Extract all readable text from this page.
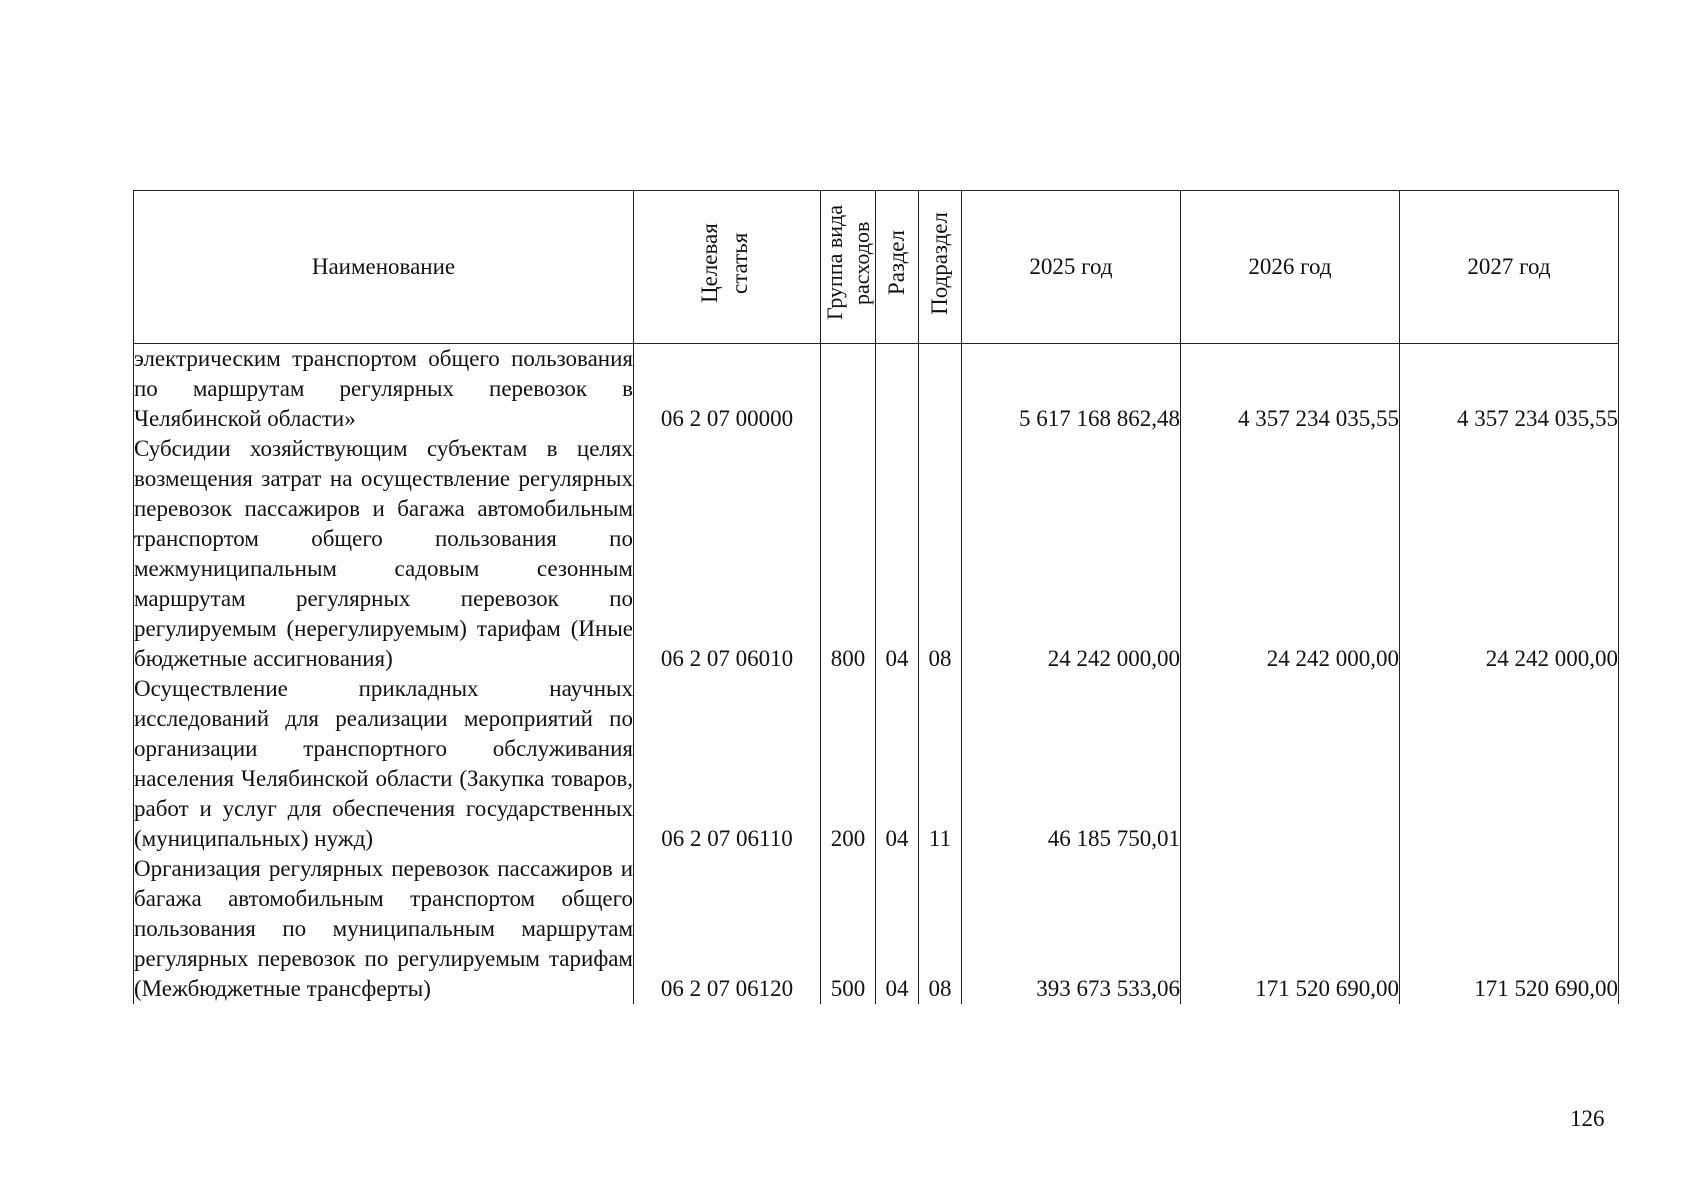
Наименование	Целевая статья	Группа вида расходов	Раздел	Подраздел	2025 год	2026 год	2027 год
электрическим транспортом общего пользования по маршрутам регулярных перевозок в Челябинской области»	06 2 07 00000				5 617 168 862,48	4 357 234 035,55	4 357 234 035,55
Субсидии хозяйствующим субъектам в целях возмещения затрат на осуществление регулярных перевозок пассажиров и багажа автомобильным транспортом общего пользования по межмуниципальным садовым сезонным маршрутам регулярных перевозок по регулируемым (нерегулируемым) тарифам (Иные бюджетные ассигнования)	06 2 07 06010	800	04	08	24 242 000,00	24 242 000,00	24 242 000,00
Осуществление прикладных научных исследований для реализации мероприятий по организации транспортного обслуживания населения Челябинской области (Закупка товаров, работ и услуг для обеспечения государственных (муниципальных) нужд)	06 2 07 06110	200	04	11	46 185 750,01		
Организация регулярных перевозок пассажиров и багажа автомобильным транспортом общего пользования по муниципальным маршрутам регулярных перевозок по регулируемым тарифам (Межбюджетные трансферты)	06 2 07 06120	500	04	08	393 673 533,06	171 520 690,00	171 520 690,00
126
